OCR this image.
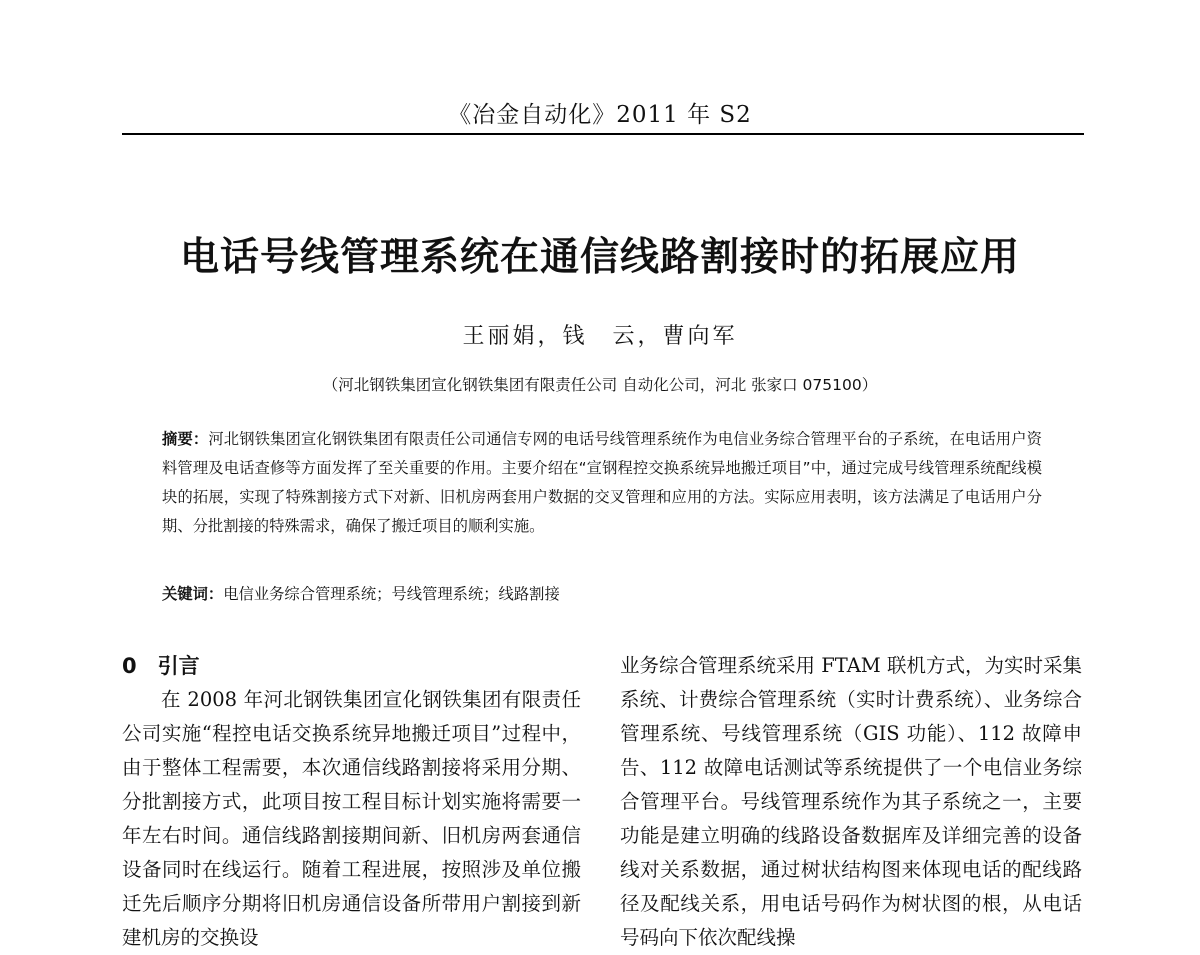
《冶金自动化》2011 年 S2
电话号线管理系统在通信线路割接时的拓展应用
王丽娟，钱　云，曹向军
（河北钢铁集团宣化钢铁集团有限责任公司 自动化公司，河北 张家口 075100）
摘要：河北钢铁集团宣化钢铁集团有限责任公司通信专网的电话号线管理系统作为电信业务综合管理平台的子系统，在电话用户资料管理及电话查修等方面发挥了至关重要的作用。主要介绍在“宣钢程控交换系统异地搬迁项目”中，通过完成号线管理系统配线模块的拓展，实现了特殊割接方式下对新、旧机房两套用户数据的交叉管理和应用的方法。实际应用表明，该方法满足了电话用户分期、分批割接的特殊需求，确保了搬迁项目的顺利实施。
关键词：电信业务综合管理系统；号线管理系统；线路割接
0　引言
在 2008 年河北钢铁集团宣化钢铁集团有限责任公司实施“程控电话交换系统异地搬迁项目”过程中，由于整体工程需要，本次通信线路割接将采用分期、分批割接方式，此项目按工程目标计划实施将需要一年左右时间。通信线路割接期间新、旧机房两套通信设备同时在线运行。随着工程进展，按照涉及单位搬迁先后顺序分期将旧机房通信设备所带用户割接到新建机房的交换设
业务综合管理系统采用 FTAM 联机方式，为实时采集系统、计费综合管理系统（实时计费系统）、业务综合管理系统、号线管理系统（GIS 功能）、112 故障申告、112 故障电话测试等系统提供了一个电信业务综合管理平台。号线管理系统作为其子系统之一，主要功能是建立明确的线路设备数据库及详细完善的设备线对关系数据，通过树状结构图来体现电话的配线路径及配线关系，用电话号码作为树状图的根，从电话号码向下依次配线操
